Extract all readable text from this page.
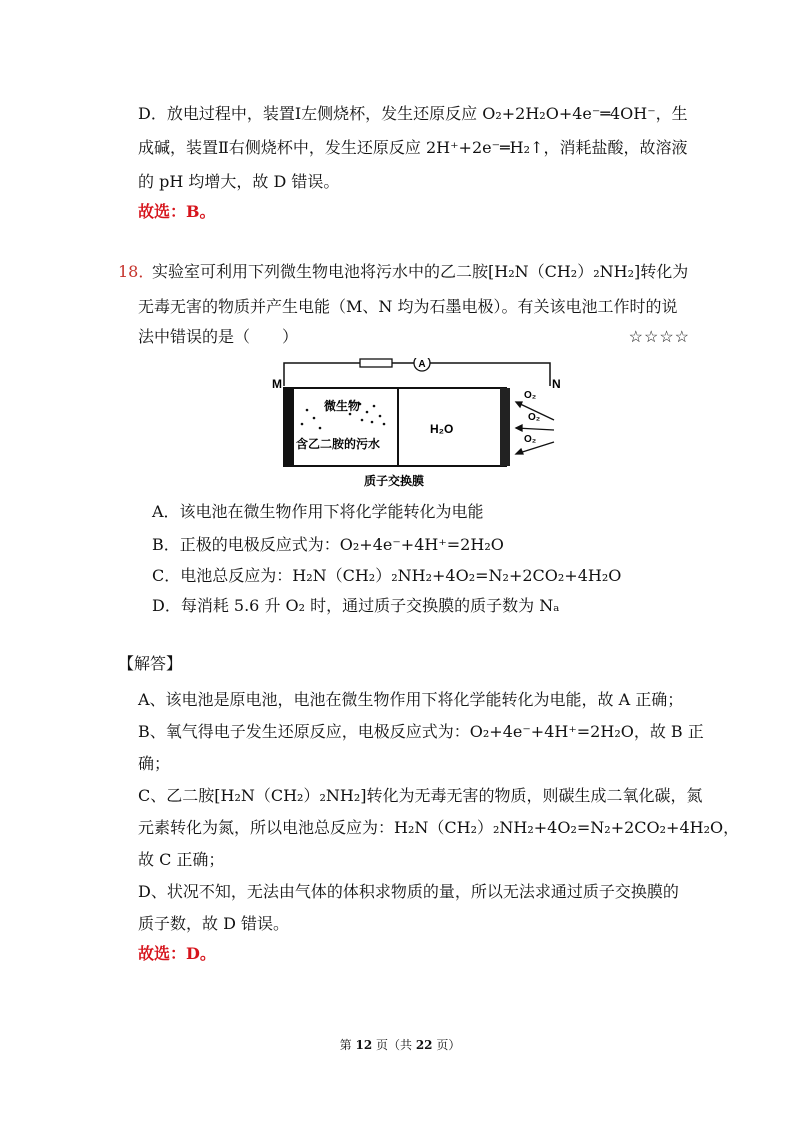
D．放电过程中，装置Ⅰ左侧烧杯，发生还原反应 O₂+2H₂O+4e⁻═4OH⁻，生
成碱，装置Ⅱ右侧烧杯中，发生还原反应 2H⁺+2e⁻═H₂↑，消耗盐酸，故溶液
的 pH 均增大，故 D 错误。
故选：B。
18．
实验室可利用下列微生物电池将污水中的乙二胺[H₂N（CH₂）₂NH₂]转化为
无毒无害的物质并产生电能（M、N 均为石墨电极）。有关该电池工作时的说
法中错误的是（　　）	☆☆☆☆
A
M	N
微生物
含乙二胺的污水
H₂O
O₂
O₂
O₂
质子交换膜
A．该电池在微生物作用下将化学能转化为电能
B．正极的电极反应式为：O₂+4e⁻+4H⁺=2H₂O
C．电池总反应为：H₂N（CH₂）₂NH₂+4O₂=N₂+2CO₂+4H₂O
D．每消耗 5.6 升 O₂ 时，通过质子交换膜的质子数为 Nₐ
【解答】
A、该电池是原电池，电池在微生物作用下将化学能转化为电能，故 A 正确；
B、氧气得电子发生还原反应，电极反应式为：O₂+4e⁻+4H⁺=2H₂O，故 B 正
确；
C、乙二胺[H₂N（CH₂）₂NH₂]转化为无毒无害的物质，则碳生成二氧化碳，氮
元素转化为氮，所以电池总反应为：H₂N（CH₂）₂NH₂+4O₂=N₂+2CO₂+4H₂O，
故 C 正确；
D、状况不知，无法由气体的体积求物质的量，所以无法求通过质子交换膜的
质子数，故 D 错误。
故选：D。
第 12 页（共 22 页）
